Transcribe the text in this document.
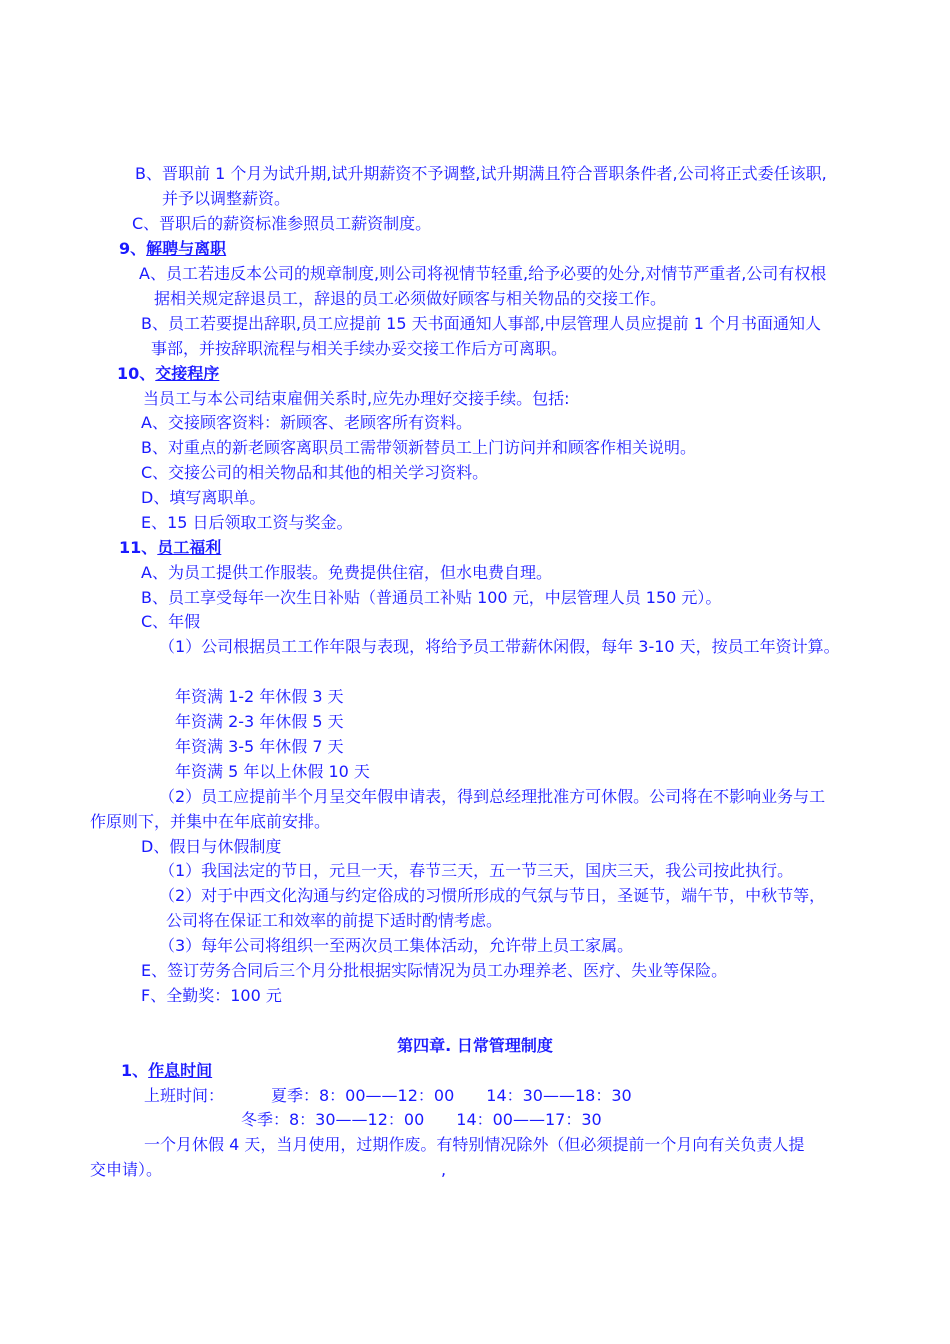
B、晋职前 1 个月为试升期,试升期薪资不予调整,试升期满且符合晋职条件者,公司将正式委任该职,
并予以调整薪资。
C、晋职后的薪资标准参照员工薪资制度。
9、解聘与离职
A、员工若违反本公司的规章制度,则公司将视情节轻重,给予必要的处分,对情节严重者,公司有权根
据相关规定辞退员工，辞退的员工必须做好顾客与相关物品的交接工作。
B、员工若要提出辞职,员工应提前 15 天书面通知人事部,中层管理人员应提前 1 个月书面通知人
事部，并按辞职流程与相关手续办妥交接工作后方可离职。
10、交接程序
当员工与本公司结束雇佣关系时,应先办理好交接手续。包括:
A、交接顾客资料：新顾客、老顾客所有资料。
B、对重点的新老顾客离职员工需带领新替员工上门访问并和顾客作相关说明。
C、交接公司的相关物品和其他的相关学习资料。
D、填写离职单。
E、15 日后领取工资与奖金。
11、员工福利
A、为员工提供工作服装。免费提供住宿，但水电费自理。
B、员工享受每年一次生日补贴（普通员工补贴 100 元，中层管理人员 150 元）。
C、年假
（1）公司根据员工工作年限与表现，将给予员工带薪休闲假，每年 3-10 天，按员工年资计算。
年资满 1-2 年休假 3 天
年资满 2-3 年休假 5 天
年资满 3-5 年休假 7 天
年资满 5 年以上休假 10 天
（2）员工应提前半个月呈交年假申请表，得到总经理批准方可休假。公司将在不影响业务与工
作原则下，并集中在年底前安排。
D、假日与休假制度
（1）我国法定的节日，元旦一天，春节三天，五一节三天，国庆三天，我公司按此执行。
（2）对于中西文化沟通与约定俗成的习惯所形成的气氛与节日，圣诞节，端午节，中秋节等，
公司将在保证工和效率的前提下适时酌情考虑。
（3）每年公司将组织一至两次员工集体活动，允许带上员工家属。
E、签订劳务合同后三个月分批根据实际情况为员工办理养老、医疗、失业等保险。
F、全勤奖：100 元
第四章. 日常管理制度
1、作息时间
上班时间：	夏季：8：00——12：00　　14：30——18：30
冬季：8：30——12：00　　14：00——17：30
一个月休假 4 天，当月使用，过期作废。有特别情况除外（但必须提前一个月向有关负责人提
交申请）。	,
